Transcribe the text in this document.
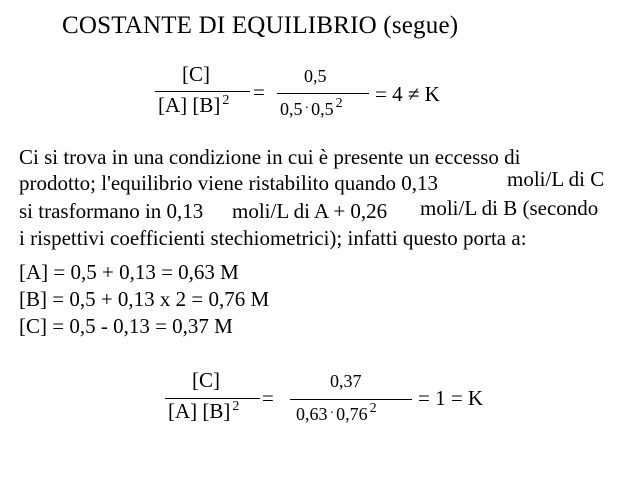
COSTANTE DI EQUILIBRIO (segue)
[C]
[A] [B] $^2$ =
0,5
0,5 · 0,5 $^2$ = 4 ≠ K
Ci si trova in una condizione in cui è presente un eccesso di
prodotto; l'equilibrio viene ristabilito quando 0,13	moli/L di C
si trasformano in 0,13 moli/L di A + 0,26 moli/L di B (secondo
i rispettivi coefficienti stechiometrici); infatti questo porta a:
[A] = 0,5 + 0,13 = 0,63 M
[B] = 0,5 + 0,13 x 2 = 0,76 M
[C] = 0,5 - 0,13 = 0,37 M
[C]
[A] [B] $^2$ =
0,37
0,63 · 0,76 $^2$ = 1 = K
